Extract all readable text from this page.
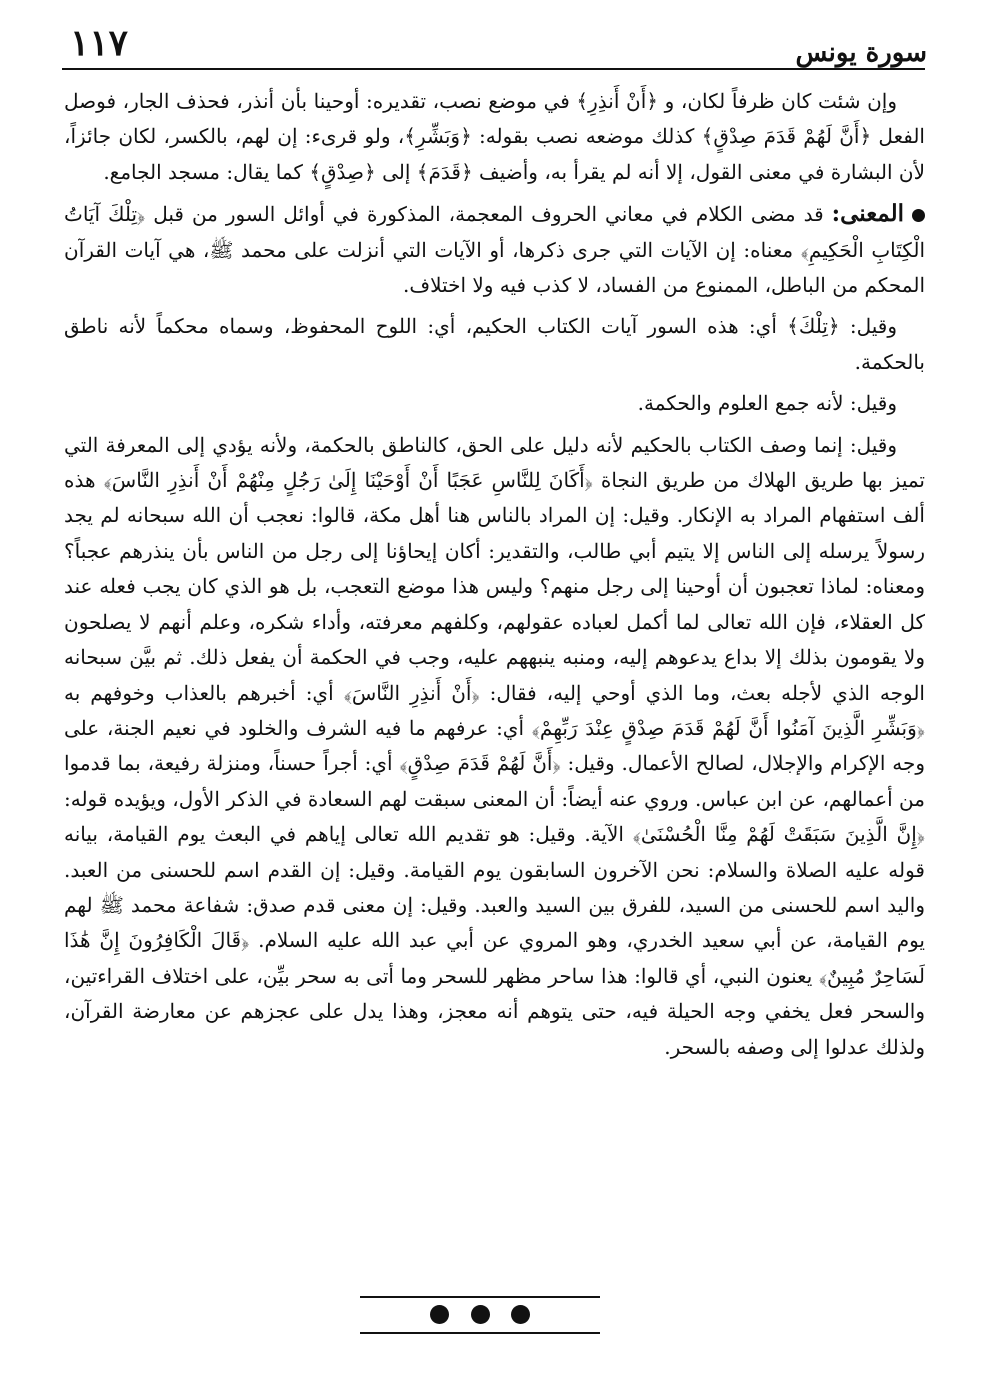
سورة يونس
١١٧

وإن شئت كان ظرفاً لكان، و ﴿أَنْ أَنذِرِ﴾ في موضع نصب، تقديره: أوحينا بأن أنذر، فحذف الجار، فوصل الفعل ﴿أَنَّ لَهُمْ قَدَمَ صِدْقٍ﴾ كذلك موضعه نصب بقوله: ﴿وَبَشِّرِ﴾، ولو قرىء: إن لهم، بالكسر، لكان جائزاً، لأن البشارة في معنى القول، إلا أنه لم يقرأ به، وأضيف ﴿قَدَمَ﴾ إلى ﴿صِدْقٍ﴾ كما يقال: مسجد الجامع.

المعنى: قد مضى الكلام في معاني الحروف المعجمة، المذكورة في أوائل السور من قبل ﴿تِلْكَ آيَاتُ الْكِتَابِ الْحَكِيمِ﴾ معناه: إن الآيات التي جرى ذكرها، أو الآيات التي أنزلت على محمد ﷺ، هي آيات القرآن المحكم من الباطل، الممنوع من الفساد، لا كذب فيه ولا اختلاف.

وقيل: ﴿تِلْكَ﴾ أي: هذه السور آيات الكتاب الحكيم، أي: اللوح المحفوظ، وسماه محكماً لأنه ناطق بالحكمة.

وقيل: لأنه جمع العلوم والحكمة.

وقيل: إنما وصف الكتاب بالحكيم لأنه دليل على الحق، كالناطق بالحكمة، ولأنه يؤدي إلى المعرفة التي تميز بها طريق الهلاك من طريق النجاة ﴿أَكَانَ لِلنَّاسِ عَجَبًا أَنْ أَوْحَيْنَا إِلَىٰ رَجُلٍ مِنْهُمْ أَنْ أَنذِرِ النَّاسَ﴾ هذه ألف استفهام المراد به الإنكار. وقيل: إن المراد بالناس هنا أهل مكة، قالوا: نعجب أن الله سبحانه لم يجد رسولاً يرسله إلى الناس إلا يتيم أبي طالب، والتقدير: أكان إيحاؤنا إلى رجل من الناس بأن ينذرهم عجباً؟ ومعناه: لماذا تعجبون أن أوحينا إلى رجل منهم؟ وليس هذا موضع التعجب، بل هو الذي كان يجب فعله عند كل العقلاء، فإن الله تعالى لما أكمل لعباده عقولهم، وكلفهم معرفته، وأداء شكره، وعلم أنهم لا يصلحون ولا يقومون بذلك إلا بداع يدعوهم إليه، ومنبه ينبههم عليه، وجب في الحكمة أن يفعل ذلك. ثم بيَّن سبحانه الوجه الذي لأجله بعث، وما الذي أوحي إليه، فقال: ﴿أَنْ أَنذِرِ النَّاسَ﴾ أي: أخبرهم بالعذاب وخوفهم به ﴿وَبَشِّرِ الَّذِينَ آمَنُوا أَنَّ لَهُمْ قَدَمَ صِدْقٍ عِنْدَ رَبِّهِمْ﴾ أي: عرفهم ما فيه الشرف والخلود في نعيم الجنة، على وجه الإكرام والإجلال، لصالح الأعمال. وقيل: ﴿أَنَّ لَهُمْ قَدَمَ صِدْقٍ﴾ أي: أجراً حسناً، ومنزلة رفيعة، بما قدموا من أعمالهم، عن ابن عباس. وروي عنه أيضاً: أن المعنى سبقت لهم السعادة في الذكر الأول، ويؤيده قوله: ﴿إِنَّ الَّذِينَ سَبَقَتْ لَهُمْ مِنَّا الْحُسْنَىٰ﴾ الآية. وقيل: هو تقديم الله تعالى إياهم في البعث يوم القيامة، بيانه قوله عليه الصلاة والسلام: نحن الآخرون السابقون يوم القيامة. وقيل: إن القدم اسم للحسنى من العبد. واليد اسم للحسنى من السيد، للفرق بين السيد والعبد. وقيل: إن معنى قدم صدق: شفاعة محمد ﷺ لهم يوم القيامة، عن أبي سعيد الخدري، وهو المروي عن أبي عبد الله عليه السلام. ﴿قَالَ الْكَافِرُونَ إِنَّ هَٰذَا لَسَاحِرٌ مُبِينٌ﴾ يعنون النبي، أي قالوا: هذا ساحر مظهر للسحر وما أتى به سحر بيِّن، على اختلاف القراءتين، والسحر فعل يخفي وجه الحيلة فيه، حتى يتوهم أنه معجز، وهذا يدل على عجزهم عن معارضة القرآن، ولذلك عدلوا إلى وصفه بالسحر.
